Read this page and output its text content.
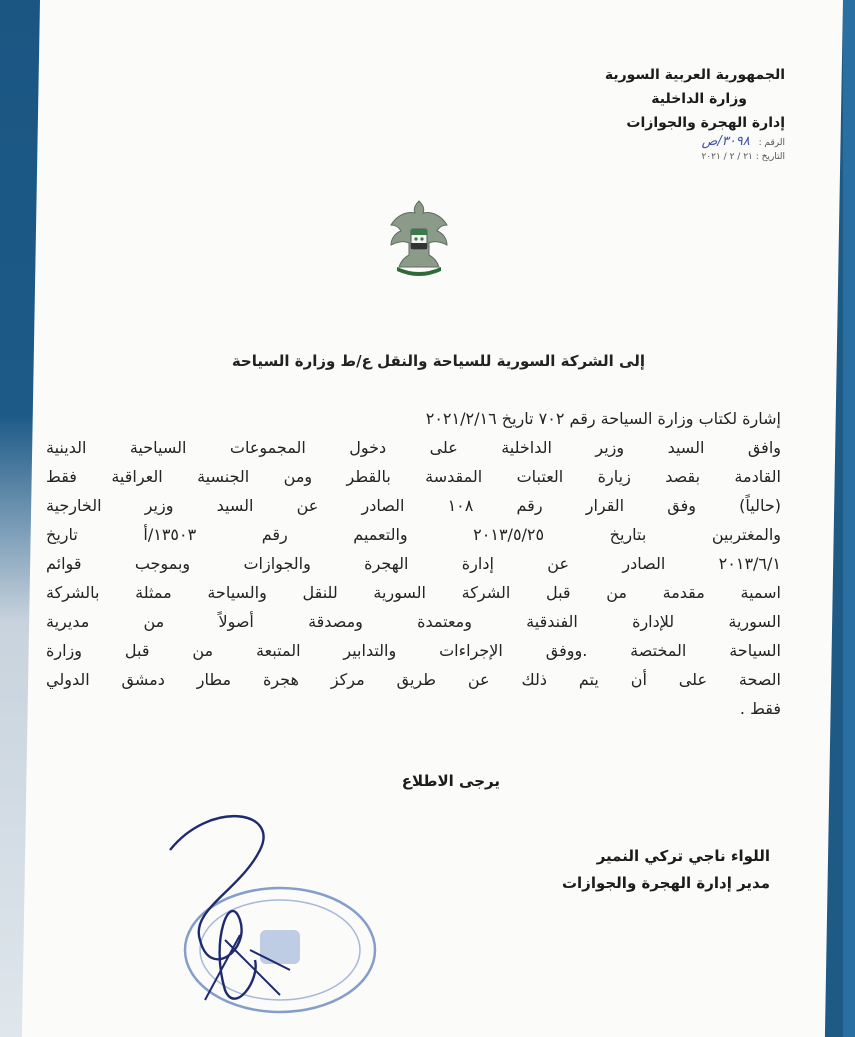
الجمهورية العربية السورية
وزارة الداخلية
إدارة الهجرة والجوازات
الرقم : ٣٠٩٨/ص
التاريخ : ٢١ / ٢ / ٢٠٢١
إلى الشركة السورية للسياحة والنقل ع/ط وزارة السياحة
إشارة لكتاب وزارة السياحة رقم ٧٠٢ تاريخ ٢٠٢١/٢/١٦
وافق السيد وزير الداخلية على دخول المجموعات السياحية الدينية
القادمة بقصد زيارة العتبات المقدسة بالقطر ومن الجنسية العراقية فقط
(حالياً) وفق القرار رقم ١٠٨ الصادر عن السيد وزير الخارجية
والمغتربين بتاريخ ٢٠١٣/٥/٢٥ والتعميم رقم ١٣٥٠٣/أ تاريخ
٢٠١٣/٦/١ الصادر عن إدارة الهجرة والجوازات وبموجب قوائم
اسمية مقدمة من قبل الشركة السورية للنقل والسياحة ممثلة بالشركة
السورية للإدارة الفندقية ومعتمدة ومصدقة أصولاً من مديرية
السياحة المختصة .ووفق الإجراءات والتدابير المتبعة من قبل وزارة
الصحة على أن يتم ذلك عن طريق مركز هجرة مطار دمشق الدولي
فقط .
يرجى الاطلاع
اللواء ناجي تركي النمير
مدير إدارة الهجرة والجوازات
